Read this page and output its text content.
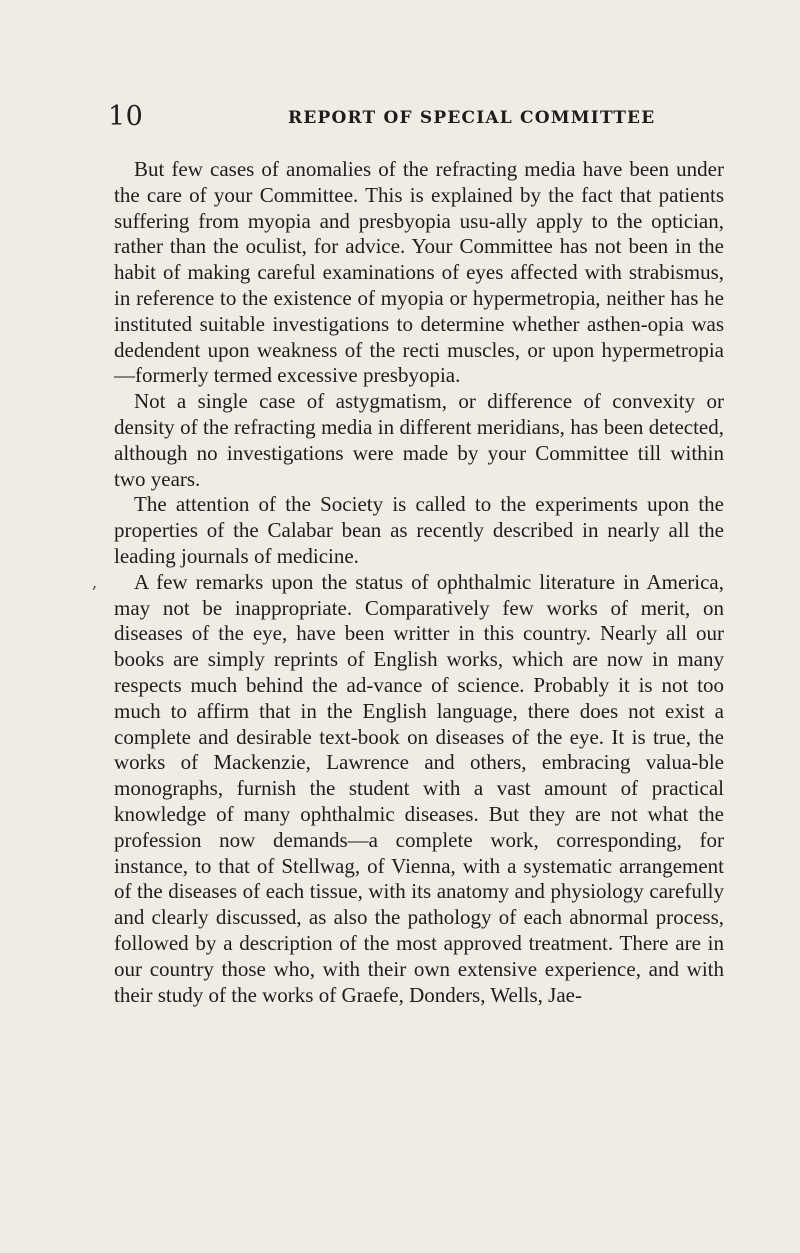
10	REPORT OF SPECIAL COMMITTEE
,

But few cases of anomalies of the refracting media have been under the care of your Committee. This is explained by the fact that patients suffering from myopia and presbyopia usu-ally apply to the optician, rather than the oculist, for advice. Your Committee has not been in the habit of making careful examinations of eyes affected with strabismus, in reference to the existence of myopia or hypermetropia, neither has he instituted suitable investigations to determine whether asthen-opia was dedendent upon weakness of the recti muscles, or upon hypermetropia—formerly termed excessive presbyopia.

Not a single case of astygmatism, or difference of convexity or density of the refracting media in different meridians, has been detected, although no investigations were made by your Committee till within two years.

The attention of the Society is called to the experiments upon the properties of the Calabar bean as recently described in nearly all the leading journals of medicine.

A few remarks upon the status of ophthalmic literature in America, may not be inappropriate. Comparatively few works of merit, on diseases of the eye, have been writter in this country. Nearly all our books are simply reprints of English works, which are now in many respects much behind the ad-vance of science. Probably it is not too much to affirm that in the English language, there does not exist a complete and desirable text-book on diseases of the eye. It is true, the works of Mackenzie, Lawrence and others, embracing valua-ble monographs, furnish the student with a vast amount of practical knowledge of many ophthalmic diseases. But they are not what the profession now demands—a complete work, corresponding, for instance, to that of Stellwag, of Vienna, with a systematic arrangement of the diseases of each tissue, with its anatomy and physiology carefully and clearly discussed, as also the pathology of each abnormal process, followed by a description of the most approved treatment. There are in our country those who, with their own extensive experience, and with their study of the works of Graefe, Donders, Wells, Jae-
